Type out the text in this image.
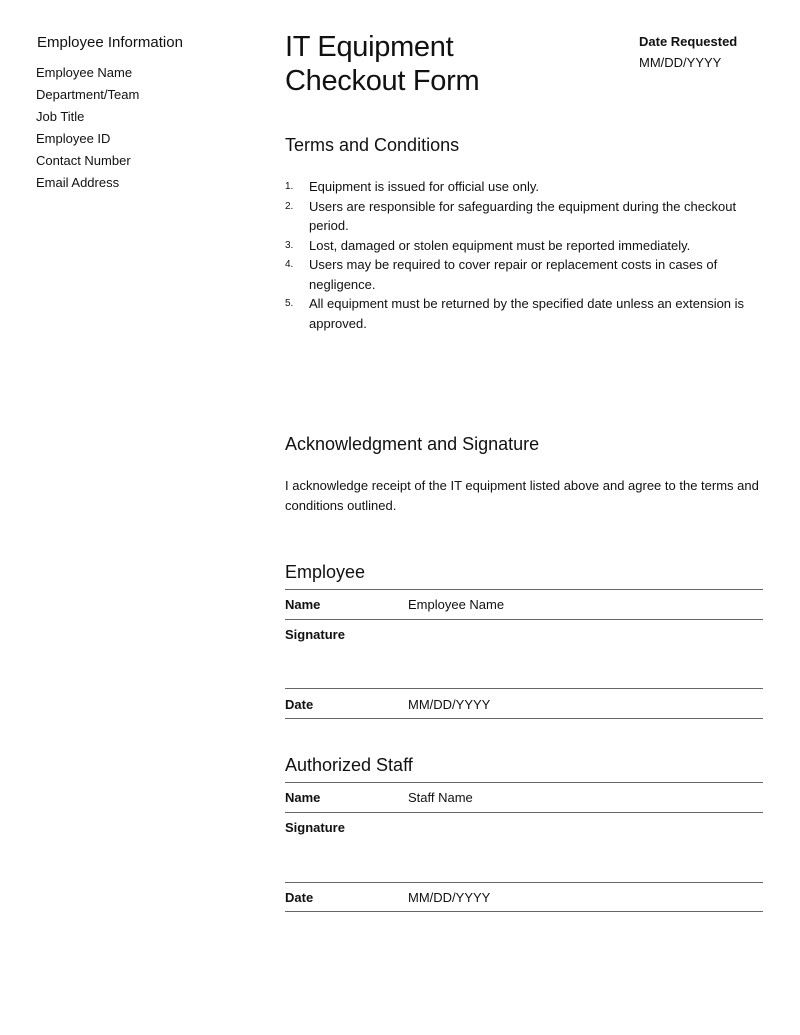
Employee Information
Employee Name
Department/Team
Job Title
Employee ID
Contact Number
Email Address
IT Equipment
Checkout Form
Date Requested
MM/DD/YYYY
Terms and Conditions
1. Equipment is issued for official use only.
2. Users are responsible for safeguarding the equipment during the checkout period.
3. Lost, damaged or stolen equipment must be reported immediately.
4. Users may be required to cover repair or replacement costs in cases of negligence.
5. All equipment must be returned by the specified date unless an extension is approved.
Acknowledgment and Signature
I acknowledge receipt of the IT equipment listed above and agree to the terms and conditions outlined.
Employee
Name	Employee Name
Signature
Date	MM/DD/YYYY
Authorized Staff
Name	Staff Name
Signature
Date	MM/DD/YYYY
